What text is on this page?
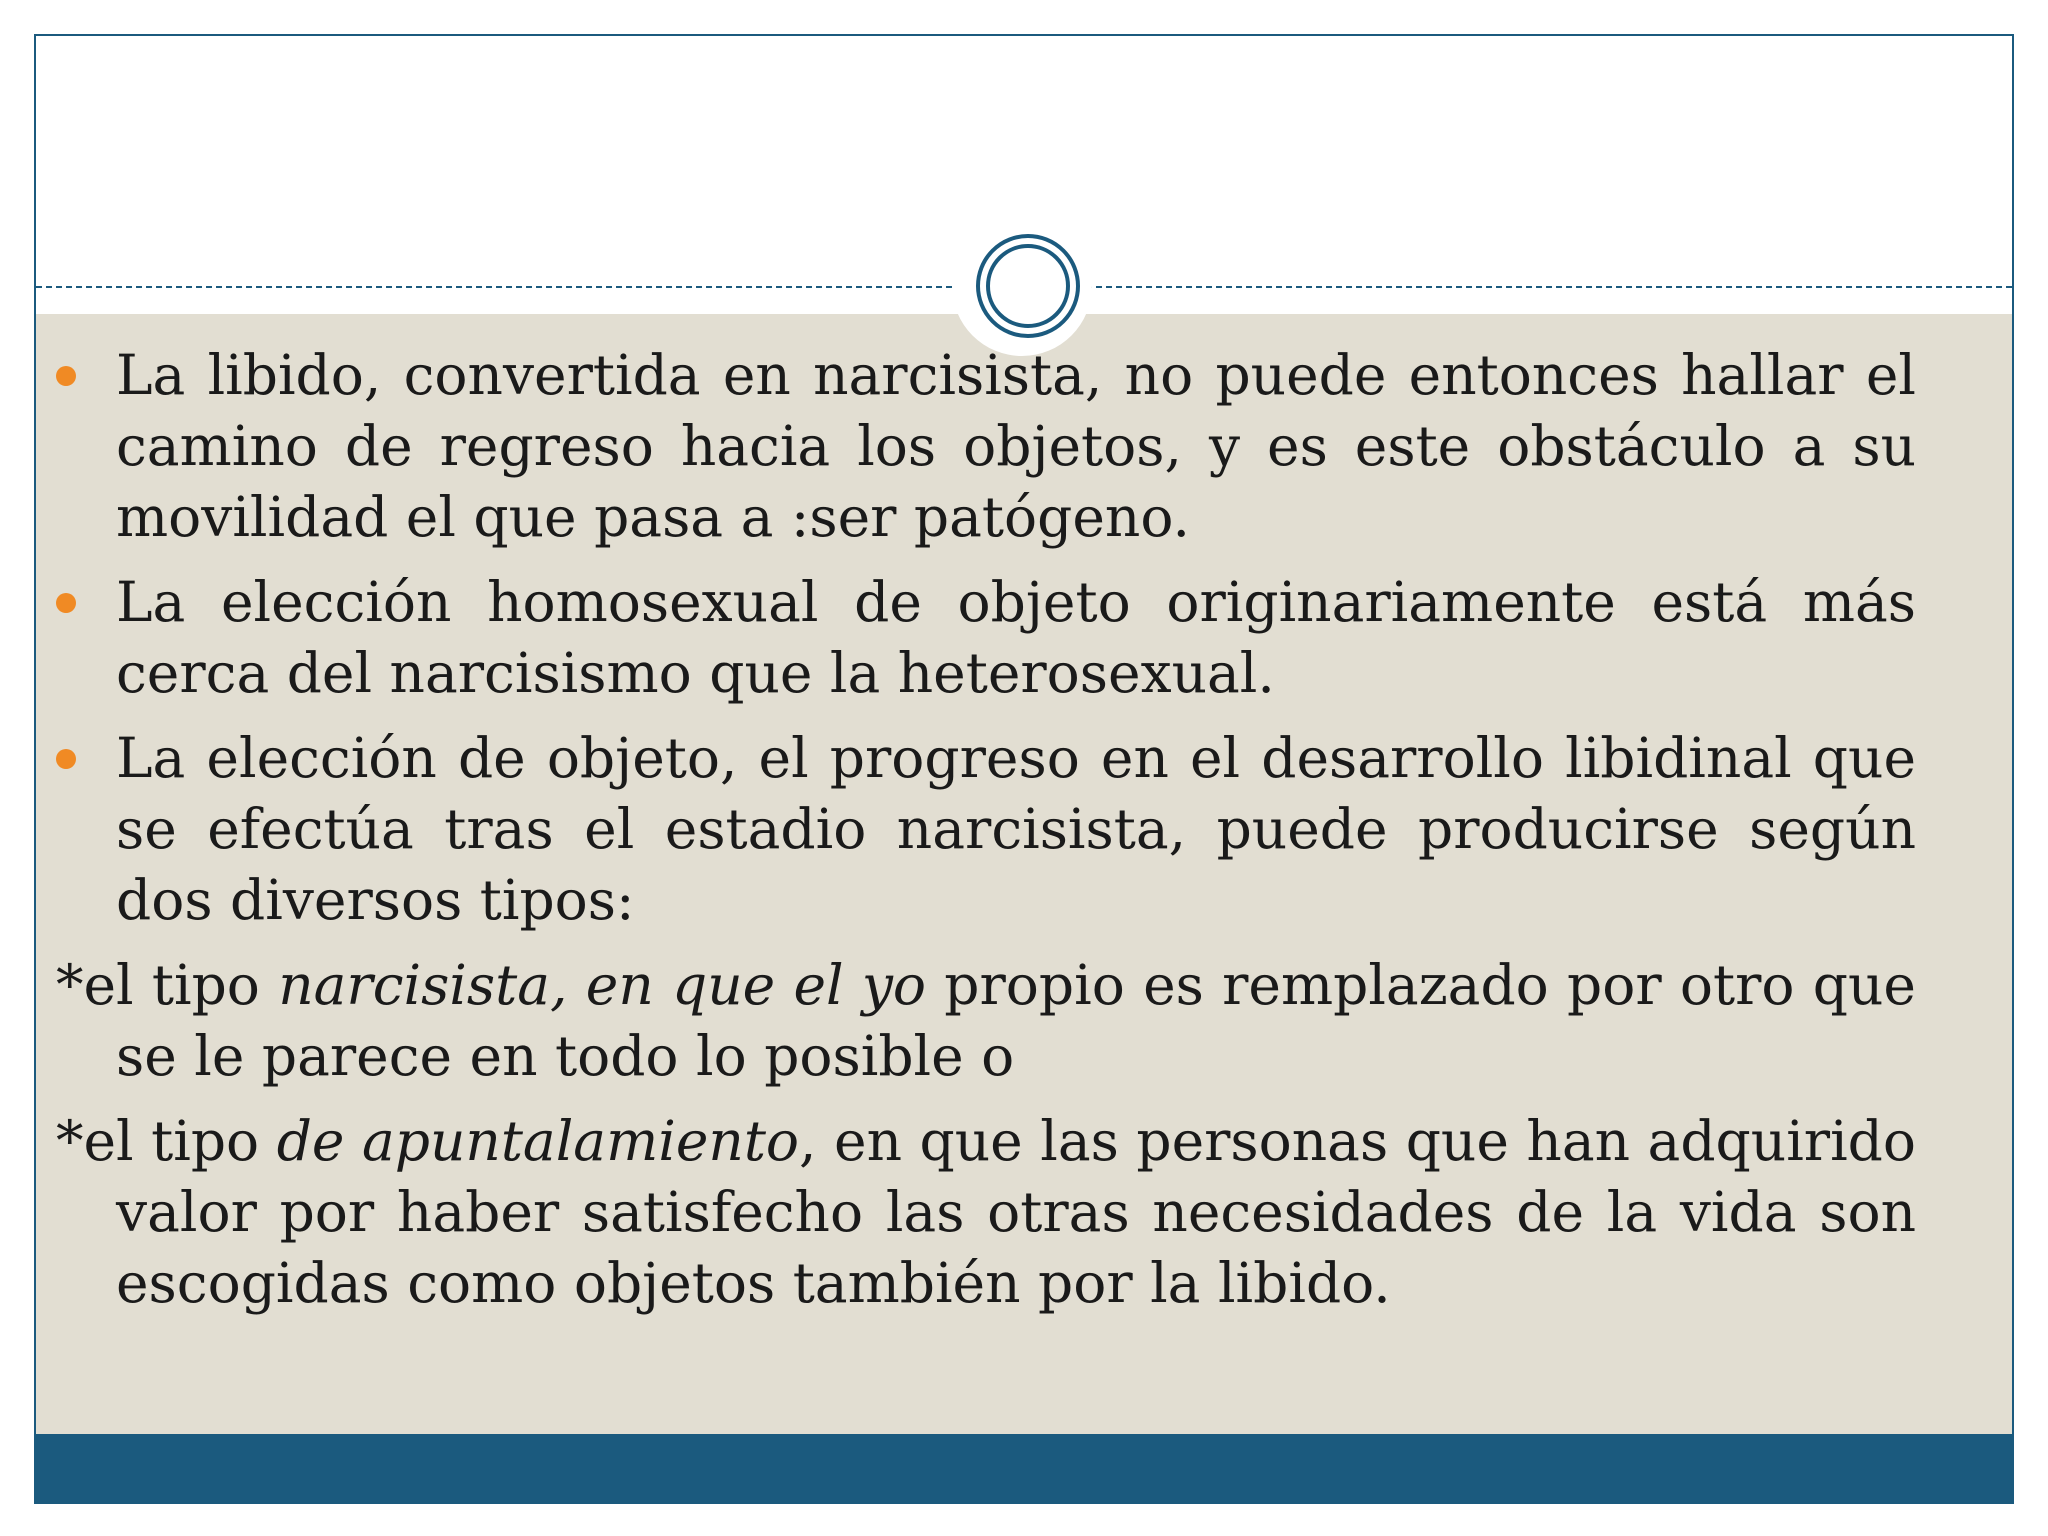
La libido, convertida en narcisista, no puede entonces hallar el camino de regreso hacia los objetos, y es este obstáculo a su movilidad el que pasa a :ser patógeno.

La elección homosexual de objeto originariamente está más cerca del narcisismo que la heterosexual.

La elección de objeto, el progreso en el desarrollo libidinal que se efectúa tras el estadio narcisista, puede producirse según dos diversos tipos:

*el tipo narcisista, en que el yo propio es remplazado por otro que se le parece en todo lo posible o

*el tipo de apuntalamiento, en que las personas que han adquirido valor por haber satisfecho las otras necesidades de la vida son escogidas como objetos también por la libido.
